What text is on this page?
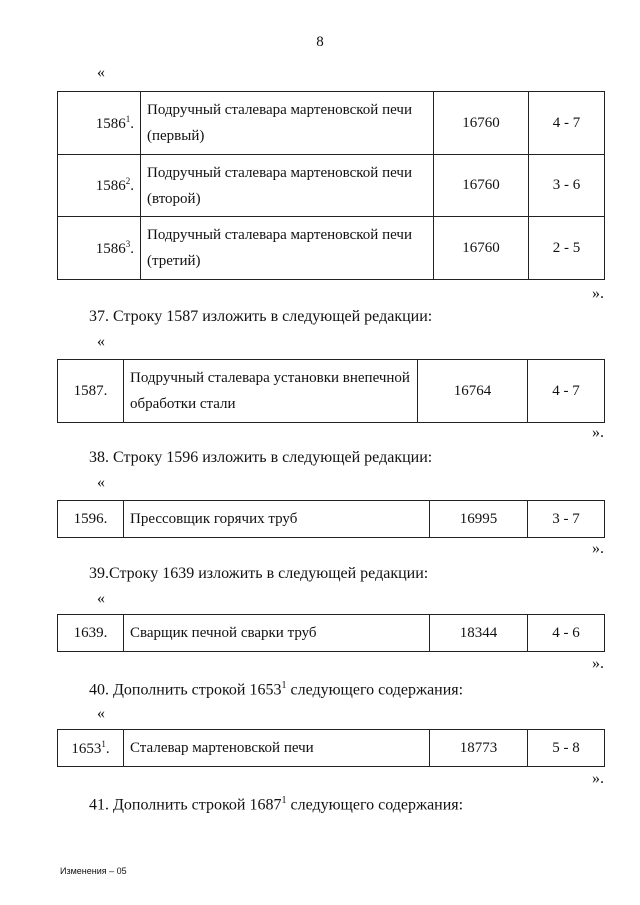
8
«
1586$^1$.	Подручный сталевара мартеновской печи (первый)	16760	4 - 7
1586$^2$.	Подручный сталевара мартеновской печи (второй)	16760	3 - 6
1586$^3$.	Подручный сталевара мартеновской печи (третий)	16760	2 - 5
».
37. Строку 1587 изложить в следующей редакции:
«
1587.	Подручный сталевара установки внепечной обработки стали	16764	4 - 7
».
38. Строку 1596 изложить в следующей редакции:
«
1596.	Прессовщик горячих труб	16995	3 - 7
».
39.Строку 1639 изложить в следующей редакции:
«
1639.	Сварщик печной сварки труб	18344	4 - 6
».
40. Дополнить строкой 1653$^1$ следующего содержания:
«
1653$^1$.	Сталевар мартеновской печи	18773	5 - 8
».
41. Дополнить строкой 1687$^1$ следующего содержания:
Изменения – 05
